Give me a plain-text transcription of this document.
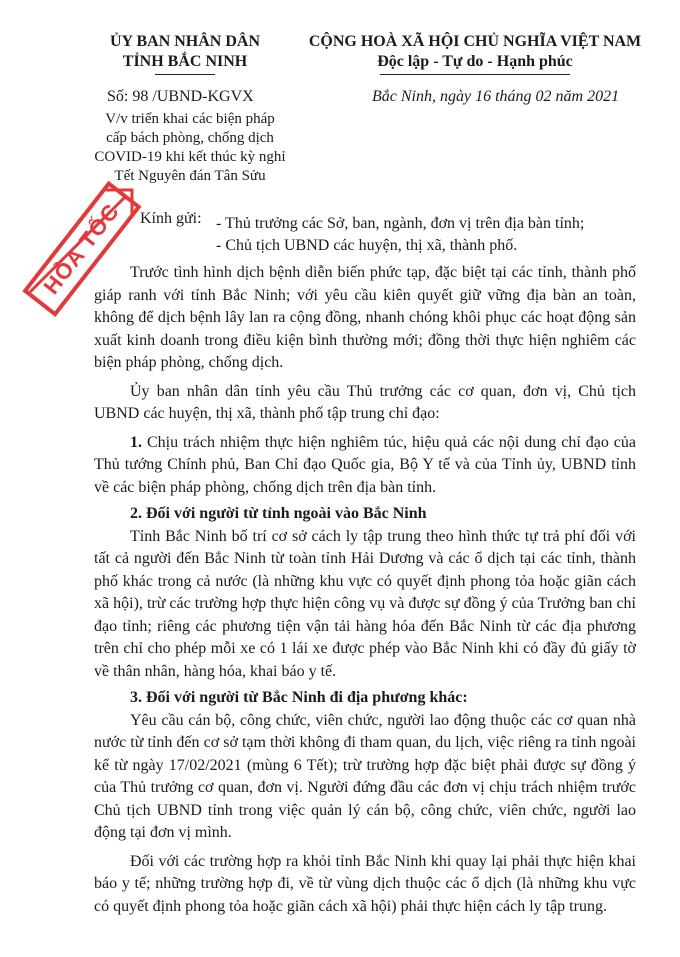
ỦY BAN NHÂN DÂN
TỈNH BẮC NINH
CỘNG HOÀ XÃ HỘI CHỦ NGHĨA VIỆT NAM
Độc lập - Tự do - Hạnh phúc
Số: 98 /UBND-KGVX	Bắc Ninh, ngày 16 tháng 02 năm 2021
V/v triển khai các biện pháp
cấp bách phòng, chống dịch
COVID-19 khi kết thúc kỳ nghỉ
Tết Nguyên đán Tân Sửu
HỎA TỐC Kính gửi: - Thủ trưởng các Sở, ban, ngành, đơn vị trên địa bàn tỉnh;
- Chủ tịch UBND các huyện, thị xã, thành phố.

Trước tình hình dịch bệnh diễn biến phức tạp, đặc biệt tại các tỉnh, thành phố giáp ranh với tỉnh Bắc Ninh; với yêu cầu kiên quyết giữ vững địa bàn an toàn, không để dịch bệnh lây lan ra cộng đồng, nhanh chóng khôi phục các hoạt động sản xuất kinh doanh trong điều kiện bình thường mới; đồng thời thực hiện nghiêm các biện pháp phòng, chống dịch.

Ủy ban nhân dân tỉnh yêu cầu Thủ trưởng các cơ quan, đơn vị, Chủ tịch UBND các huyện, thị xã, thành phố tập trung chỉ đạo:

1. Chịu trách nhiệm thực hiện nghiêm túc, hiệu quả các nội dung chỉ đạo của Thủ tướng Chính phủ, Ban Chỉ đạo Quốc gia, Bộ Y tế và của Tỉnh ủy, UBND tỉnh về các biện pháp phòng, chống dịch trên địa bàn tỉnh.

2. Đối với người từ tỉnh ngoài vào Bắc Ninh

Tỉnh Bắc Ninh bố trí cơ sở cách ly tập trung theo hình thức tự trả phí đối với tất cả người đến Bắc Ninh từ toàn tỉnh Hải Dương và các ổ dịch tại các tỉnh, thành phố khác trong cả nước (là những khu vực có quyết định phong tỏa hoặc giãn cách xã hội), trừ các trường hợp thực hiện công vụ và được sự đồng ý của Trưởng ban chỉ đạo tỉnh; riêng các phương tiện vận tải hàng hóa đến Bắc Ninh từ các địa phương trên chỉ cho phép mỗi xe có 1 lái xe được phép vào Bắc Ninh khi có đầy đủ giấy tờ về thân nhân, hàng hóa, khai báo y tế.

3. Đối với người từ Bắc Ninh đi địa phương khác:

Yêu cầu cán bộ, công chức, viên chức, người lao động thuộc các cơ quan nhà nước từ tỉnh đến cơ sở tạm thời không đi tham quan, du lịch, việc riêng ra tỉnh ngoài kể từ ngày 17/02/2021 (mùng 6 Tết); trừ trường hợp đặc biệt phải được sự đồng ý của Thủ trưởng cơ quan, đơn vị. Người đứng đầu các đơn vị chịu trách nhiệm trước Chủ tịch UBND tỉnh trong việc quản lý cán bộ, công chức, viên chức, người lao động tại đơn vị mình.

Đối với các trường hợp ra khỏi tỉnh Bắc Ninh khi quay lại phải thực hiện khai báo y tế; những trường hợp đi, về từ vùng dịch thuộc các ổ dịch (là những khu vực có quyết định phong tỏa hoặc giãn cách xã hội) phải thực hiện cách ly tập trung.
